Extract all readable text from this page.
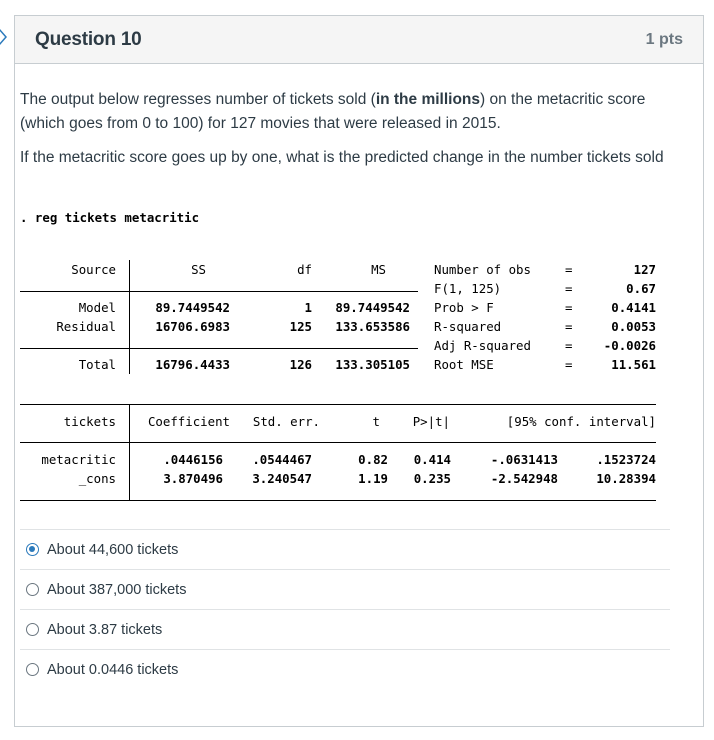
Question 10	1 pts

The output below regresses number of tickets sold (in the millions) on the metacritic score (which goes from 0 to 100) for 127 movies that were released in 2015.

If the metacritic score goes up by one, what is the predicted change in the number tickets sold

. reg tickets metacritic
Source	SS	df	MS
Model	89.7449542	1	89.7449542
Residual	16706.6983	125	133.653586
Total	16796.4433	126	133.305105
Number of obs	=	127
F(1, 125)	=	0.67
Prob > F	=	0.4141
R-squared	=	0.0053
Adj R-squared	=	-0.0026
Root MSE	=	11.561
tickets	Coefficient	Std. err.	t	P>|t|	[95% conf. interval]
metacritic	.0446156	.0544467	0.82	0.414	-.0631413	.1523724
_cons	3.870496	3.240547	1.19	0.235	-2.542948	10.28394
About 44,600 tickets
About 387,000 tickets
About 3.87 tickets
About 0.0446 tickets
